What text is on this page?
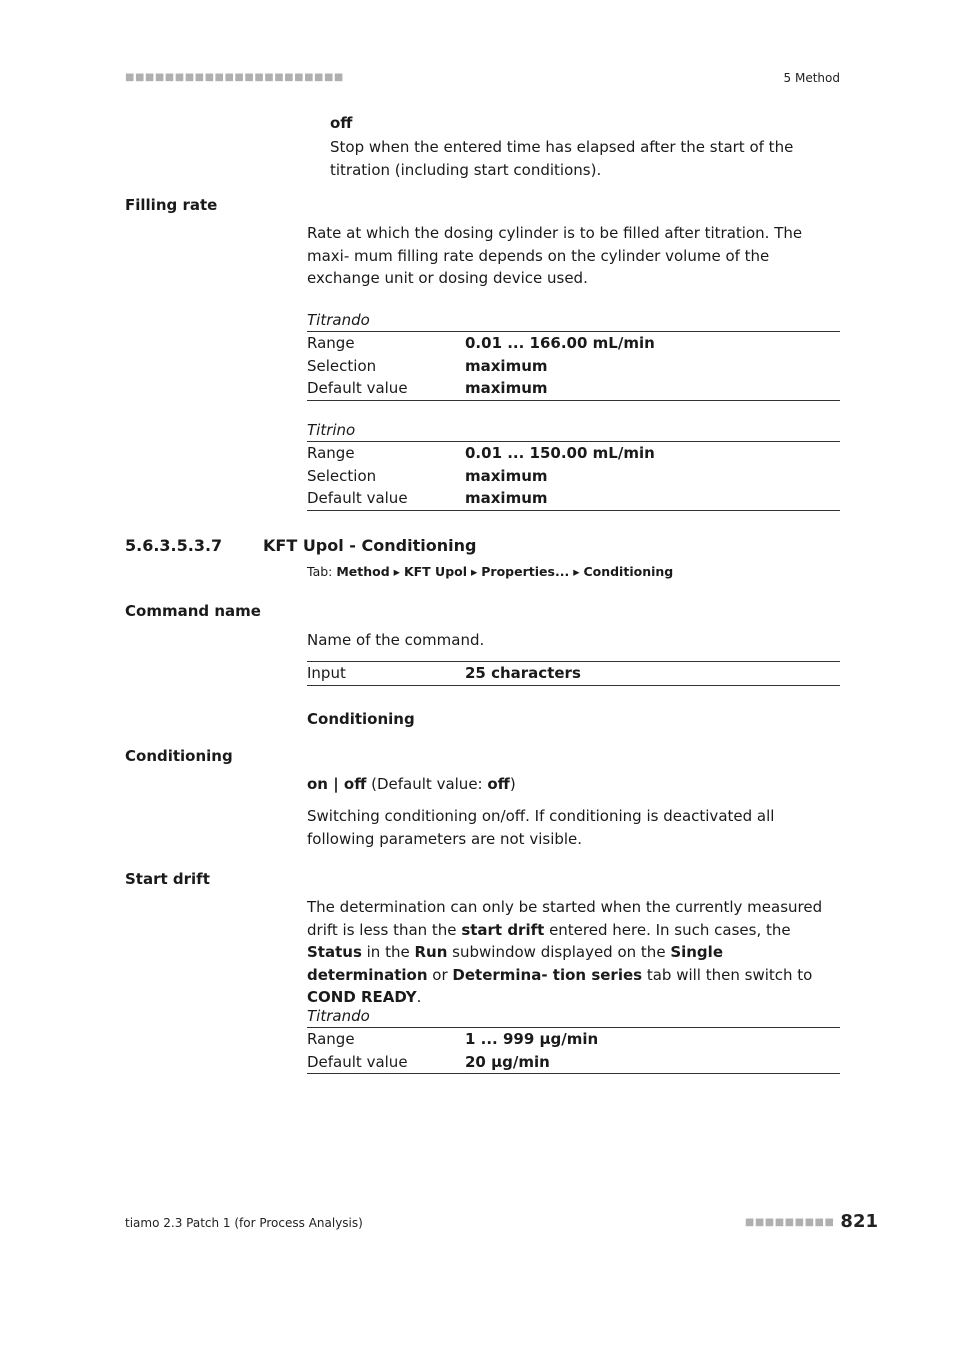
■■■■■■■■■■■■■■■■■■■■■■	5 Method
off
Stop when the entered time has elapsed after the start of the titration (including start conditions).
Filling rate
Rate at which the dosing cylinder is to be filled after titration. The maxi- mum filling rate depends on the cylinder volume of the exchange unit or dosing device used.
Titrando
Range	0.01 ... 166.00 mL/min
Selection	maximum
Default value	maximum
Titrino
Range	0.01 ... 150.00 mL/min
Selection	maximum
Default value	maximum
5.6.3.5.3.7	KFT Upol - Conditioning
Tab: Method ▸ KFT Upol ▸ Properties... ▸ Conditioning
Command name
Name of the command.
Input	25 characters
Conditioning
Conditioning
on | off (Default value: off)
Switching conditioning on/off. If conditioning is deactivated all following parameters are not visible.
Start drift
The determination can only be started when the currently measured drift is less than the start drift entered here. In such cases, the Status in the Run subwindow displayed on the Single determination or Determina- tion series tab will then switch to COND READY.
Titrando
Range	1 ... 999 µg/min
Default value	20 µg/min
tiamo 2.3 Patch 1 (for Process Analysis)	■■■■■■■■■ 821
